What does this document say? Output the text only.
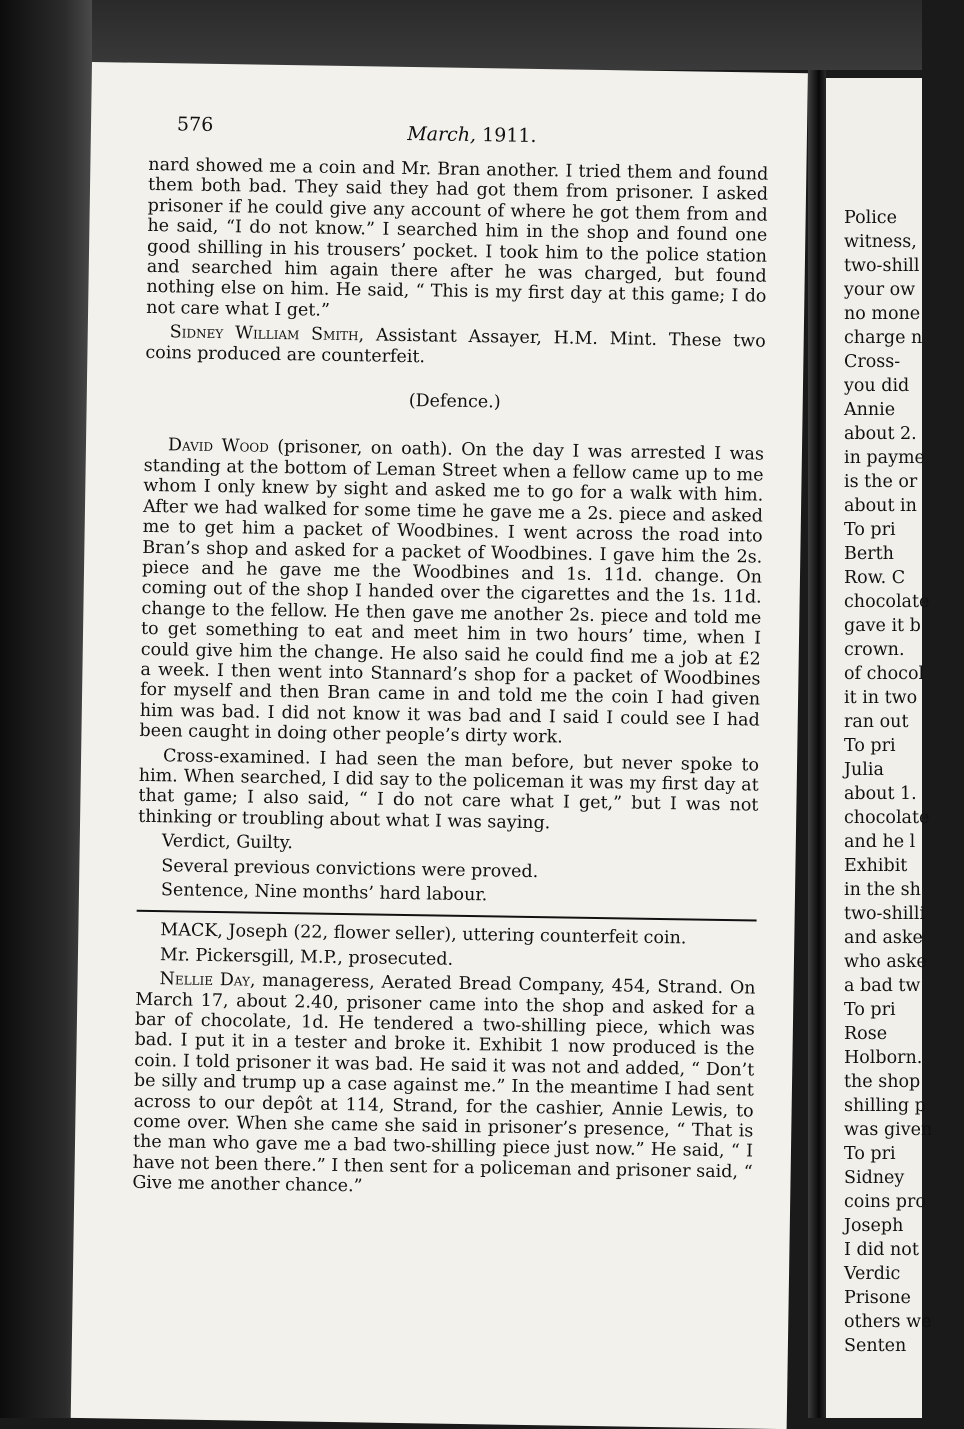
576	March, 1911.

nard showed me a coin and Mr. Bran another. I tried them and found them both bad. They said they had got them from prisoner. I asked prisoner if he could give any account of where he got them from and he said, “I do not know.” I searched him in the shop and found one good shilling in his trousers’ pocket. I took him to the police station and searched him again there after he was charged, but found nothing else on him. He said, “ This is my first day at this game; I do not care what I get.”

Sidney William Smith, Assistant Assayer, H.M. Mint. These two coins produced are counterfeit.

(Defence.)

David Wood (prisoner, on oath). On the day I was arrested I was standing at the bottom of Leman Street when a fellow came up to me whom I only knew by sight and asked me to go for a walk with him. After we had walked for some time he gave me a 2s. piece and asked me to get him a packet of Woodbines. I went across the road into Bran’s shop and asked for a packet of Woodbines. I gave him the 2s. piece and he gave me the Woodbines and 1s. 11d. change. On coming out of the shop I handed over the cigarettes and the 1s. 11d. change to the fellow. He then gave me another 2s. piece and told me to get something to eat and meet him in two hours’ time, when I could give him the change. He also said he could find me a job at £2 a week. I then went into Stannard’s shop for a packet of Woodbines for myself and then Bran came in and told me the coin I had given him was bad. I did not know it was bad and I said I could see I had been caught in doing other people’s dirty work.

Cross-examined. I had seen the man before, but never spoke to him. When searched, I did say to the policeman it was my first day at that game; I also said, “ I do not care what I get,” but I was not thinking or troubling about what I was saying.

Verdict, Guilty.

Several previous convictions were proved.

Sentence, Nine months’ hard labour.

MACK, Joseph (22, flower seller), uttering counterfeit coin.

Mr. Pickersgill, M.P., prosecuted.

Nellie Day, manageress, Aerated Bread Company, 454, Strand. On March 17, about 2.40, prisoner came into the shop and asked for a bar of chocolate, 1d. He tendered a two-shilling piece, which was bad. I put it in a tester and broke it. Exhibit 1 now produced is the coin. I told prisoner it was bad. He said it was not and added, “ Don’t be silly and trump up a case against me.” In the meantime I had sent across to our depôt at 114, Strand, for the cashier, Annie Lewis, to come over. When she came she said in prisoner’s presence, “ That is the man who gave me a bad two-shilling piece just now.” He said, “ I have not been there.” I then sent for a policeman and prisoner said, “ Give me another chance.”

Police
witness,
two-shill
your ow
no mone
charge n
Cross-
you did
Annie
about 2.
in payme
is the or
about in
To pri
Berth
Row. C
chocolate
gave it b
crown.
of chocol
it in two
ran out
To pri
Julia
about 1.
chocolate
and he l
Exhibit
in the sh
two-shilli
and aske
who aske
a bad tw
To pri
Rose
Holborn.
the shop
shilling p
was given
To pri
Sidney
coins pro
Joseph
I did not
Verdic
Prisone
others we
Senten
